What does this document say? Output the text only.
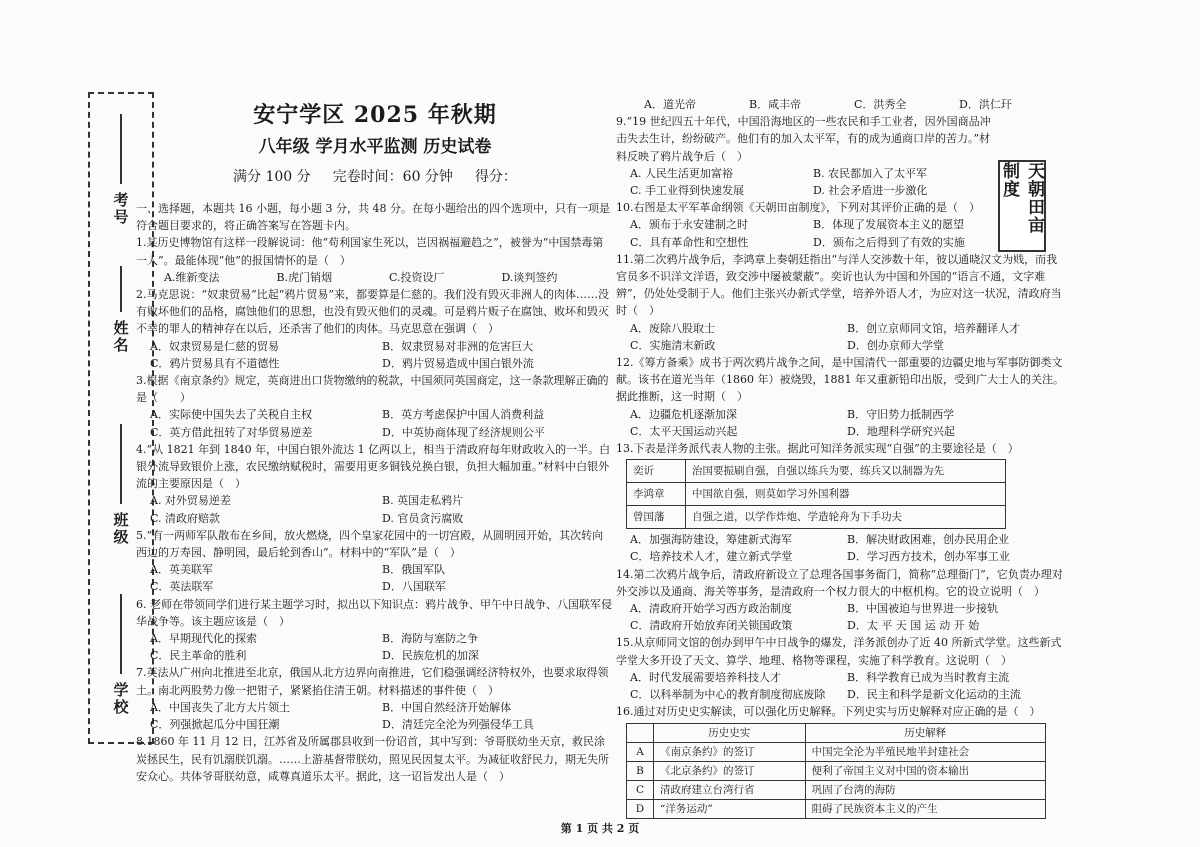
考号
姓名
班级
学校
安宁学区 2025 年秋期
八年级 学月水平监测 历史试卷
满分 100 分 完卷时间：60 分钟 得分：

一、选择题，本题共 16 小题，每小题 3 分，共 48 分。在每小题给出的四个选项中，只有一项是符合题目要求的，将正确答案写在答题卡内。

1.某历史博物馆有这样一段解说词：他“苟利国家生死以，岂因祸福避趋之”，被誉为“中国禁毒第一人”。最能体现“他”的报国情怀的是（　）

A.维新变法	B.虎门销烟	C.投资设厂	D.谈判签约

2.马克思说：“奴隶贸易”比起“鸦片贸易”来，都要算是仁慈的。我们没有毁灭非洲人的肉体……没有败坏他们的品格，腐蚀他们的思想，也没有毁灭他们的灵魂。可是鸦片贩子在腐蚀、败坏和毁灭不幸的罪人的精神存在以后，还杀害了他们的肉体。马克思意在强调（　）

A．奴隶贸易是仁慈的贸易	B．奴隶贸易对非洲的危害巨大
C．鸦片贸易具有不道德性	D．鸦片贸易造成中国白银外流

3.根据《南京条约》规定，英商进出口货物缴纳的税款，中国须同英国商定，这一条款理解正确的是（　　）

A．实际使中国失去了关税自主权	B．英方考虑保护中国人消费利益
C．英方借此扭转了对华贸易逆差	D．中英协商体现了经济规则公平

4.“从 1821 年到 1840 年，中国白银外流达 1 亿两以上，相当于清政府每年财政收入的一半。白银外流导致银价上涨，农民缴纳赋税时，需要用更多铜钱兑换白银，负担大幅加重。”材料中白银外流的主要原因是（　）

A. 对外贸易逆差	B. 英国走私鸦片
C. 清政府赔款	D. 官员贪污腐败

5.“有一两师军队散布在乡间，放火燃烧，四个皇家花园中的一切宫殿，从圆明园开始，其次转向西边的万寿园、静明园，最后轮到香山”。材料中的“军队”是（　）

A．英美联军	B．俄国军队
C．英法联军	D．八国联军

6. 老师在带领同学们进行某主题学习时，拟出以下知识点：鸦片战争、甲午中日战争、八国联军侵华战争等。该主题应该是（　）

A．早期现代化的探索	B．海防与塞防之争
C．民主革命的胜利	D．民族危机的加深

7.英法从广州向北推进至北京，俄国从北方边界向南推进，它们稳强调经济特权外，也要求取得领土。南北两股势力像一把钳子，紧紧掐住清王朝。材料描述的事件使（　）

A．中国丧失了北方大片领土	B．中国自然经济开始解体
C．列强掀起瓜分中国狂潮	D．清廷完全沦为列强侵华工具

8.1860 年 11 月 12 日，江苏省及所属郡县收到一份诏首，其中写到：爷哥朕幼坐天京，救民涂炭拯民生，民有饥溺朕饥溺。……上游基督带朕幼，照见民因复太平。为减征收舒民力，期无失所安众心。共体爷哥朕幼意，咸尊真道乐太平。据此，这一诏旨发出人是（　）

A．道光帝	B．咸丰帝	C．洪秀全	D．洪仁玕

9.“19 世纪四五十年代，中国沿海地区的一些农民和手工业者，因外国商品冲击失去生计，纷纷破产。他们有的加入太平军，有的成为通商口岸的苦力。”材料反映了鸦片战争后（　）

A. 人民生活更加富裕	B. 农民都加入了太平军
C. 手工业得到快速发展	D. 社会矛盾进一步激化

10.右图是太平军革命纲领《天朝田亩制度》，下列对其评价正确的是（　）

A．颁布于永安建制之时	B．体现了发展资本主义的愿望
C．具有革命性和空想性	D．颁布之后得到了有效的实施

11.第二次鸦片战争后，李鸿章上奏朝廷指出“与洋人交涉数十年，彼以通晓汉文为贱，而我官员多不识洋文洋语，致交涉中屡被蒙蔽”。奕䜣也认为中国和外国的“语言不通，文字难辨”，仍处处受制于人。他们主张兴办新式学堂，培养外语人才，为应对这一状况，清政府当时（　）

A．废除八股取士	B．创立京师同文馆，培养翻译人才
C．实施清末新政	D．创办京师大学堂

12.《筹方备乘》成书于两次鸦片战争之间，是中国清代一部重要的边疆史地与军事防御类文献。该书在道光当年（1860 年）被烧毁，1881 年又重新铅印出版，受到广大士人的关注。据此推断，这一时期（　）

A．边疆危机逐渐加深	B．守旧势力抵制西学
C．太平天国运动兴起	D．地理科学研究兴起

13.下表是洋务派代表人物的主张。据此可知洋务派实现“自强”的主要途径是（　）

奕䜣	治国要振刷自强，自强以练兵为要，练兵又以制器为先
李鸿章	中国欲自强，则莫如学习外国利器
曾国藩	自强之道，以学作炸炮、学造轮舟为下手功夫
A．加强海防建设，筹建新式海军	B．解决财政困难，创办民用企业
C．培养技术人才，建立新式学堂	D．学习西方技术，创办军事工业

14.第二次鸦片战争后，清政府新设立了总理各国事务衙门，简称“总理衙门”，它负责办理对外交涉以及通商、海关等事务，是清政府一个权力很大的中枢机构。它的设立说明（　）

A．清政府开始学习西方政治制度	B．中国被迫与世界进一步接轨
C．清政府开始放弃闭关锁国政策	D．太 平 天 国 运 动 开 始

15.从京师同文馆的创办到甲午中日战争的爆发，洋务派创办了近 40 所新式学堂。这些新式学堂大多开设了天文、算学、地理、格物等课程，实施了科学教育。这说明（　）

A．时代发展需要培养科技人才	B．科学教育已成为当时教育主流
C．以科举制为中心的教育制度彻底废除	D．民主和科学是新文化运动的主流

16.通过对历史史实解读，可以强化历史解释。下列史实与历史解释对应正确的是（　）

	历史史实	历史解释
A	《南京条约》的签订	中国完全沦为半殖民地半封建社会
B	《北京条约》的签订	便利了帝国主义对中国的资本输出
C	清政府建立台湾行省	巩固了台湾的海防
D	“洋务运动”	阻碍了民族资本主义的产生
天朝田亩制度
第 1 页 共 2 页
